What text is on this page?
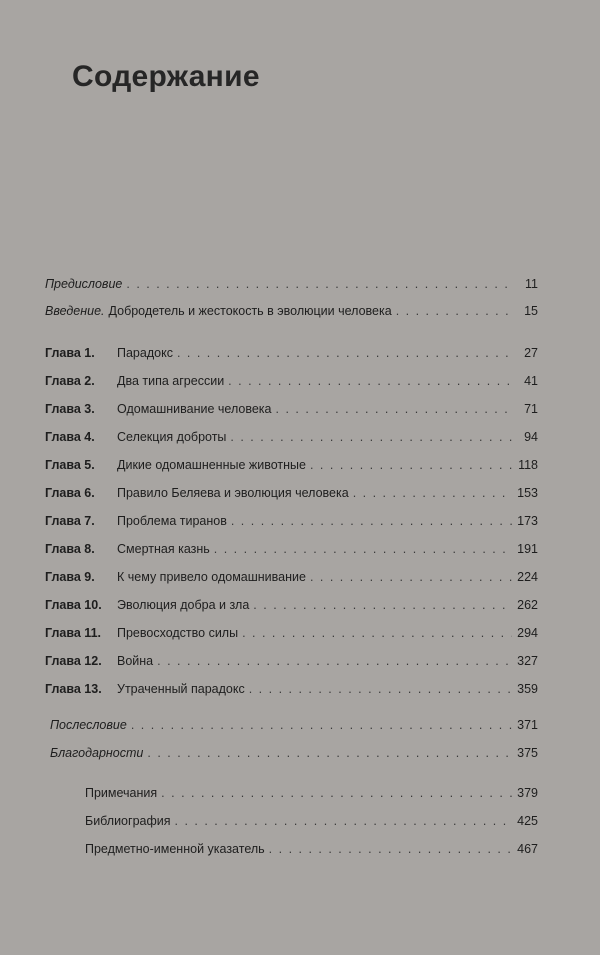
Содержание
Предисловие . . .	11
Введение. Добродетель и жестокость в эволюции человека . . .	15
Глава 1.	Парадокс . . .	27
Глава 2.	Два типа агрессии . . .	41
Глава 3.	Одомашнивание человека . . .	71
Глава 4.	Селекция доброты . . .	94
Глава 5.	Дикие одомашненные животные . . .	118
Глава 6.	Правило Беляева и эволюция человека . . .	153
Глава 7.	Проблема тиранов . . .	173
Глава 8.	Смертная казнь . . .	191
Глава 9.	К чему привело одомашнивание . . .	224
Глава 10.	Эволюция добра и зла . . .	262
Глава 11.	Превосходство силы . . .	294
Глава 12.	Война . . .	327
Глава 13.	Утраченный парадокс . . .	359
Послесловие . . .	371
Благодарности . . .	375
Примечания . . .	379
Библиография . . .	425
Предметно-именной указатель . . .	467
